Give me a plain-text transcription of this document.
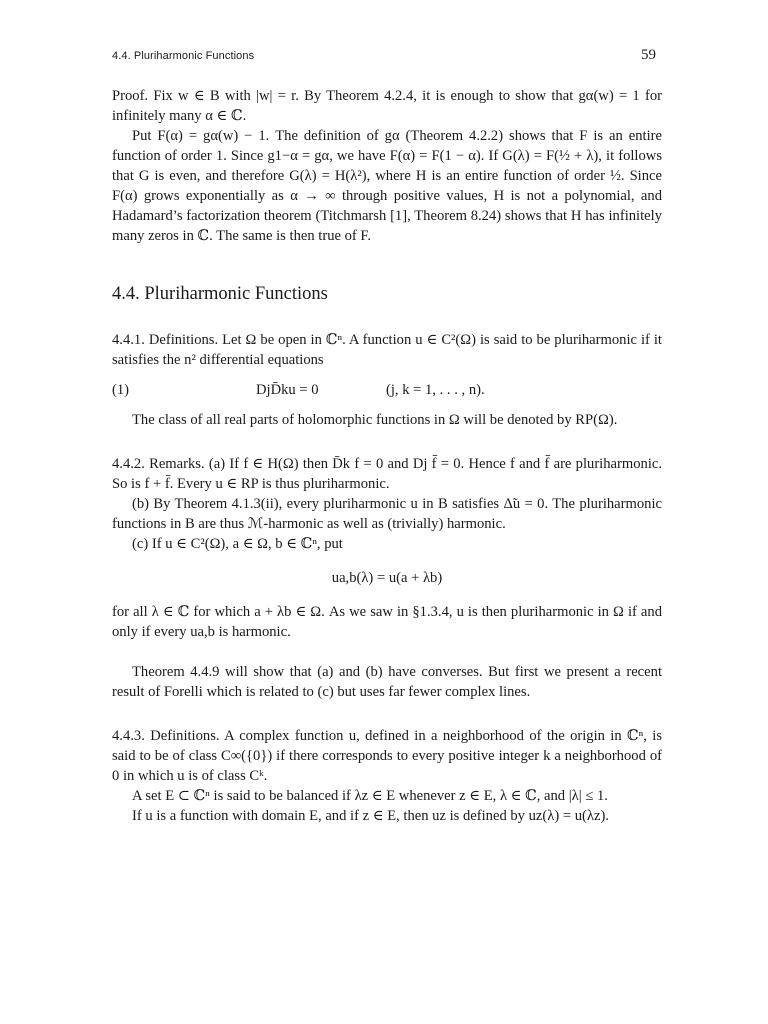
4.4. Pluriharmonic Functions	59

Proof. Fix w ∈ B with |w| = r. By Theorem 4.2.4, it is enough to show that gα(w) = 1 for infinitely many α ∈ ℂ.

Put F(α) = gα(w) − 1. The definition of gα (Theorem 4.2.2) shows that F is an entire function of order 1. Since g1−α = gα, we have F(α) = F(1 − α). If G(λ) = F(½ + λ), it follows that G is even, and therefore G(λ) = H(λ²), where H is an entire function of order ½. Since F(α) grows exponentially as α → ∞ through positive values, H is not a polynomial, and Hadamard’s factorization theorem (Titchmarsh [1], Theorem 8.24) shows that H has infinitely many zeros in ℂ. The same is then true of F.

4.4. Pluriharmonic Functions

4.4.1. Definitions. Let Ω be open in ℂⁿ. A function u ∈ C²(Ω) is said to be pluriharmonic if it satisfies the n² differential equations

(1)	DjD̄ku = 0	(j, k = 1, . . . , n).

The class of all real parts of holomorphic functions in Ω will be denoted by RP(Ω).

4.4.2. Remarks. (a) If f ∈ H(Ω) then D̄k f = 0 and Dj f̄ = 0. Hence f and f̄ are pluriharmonic. So is f + f̄. Every u ∈ RP is thus pluriharmonic.

(b) By Theorem 4.1.3(ii), every pluriharmonic u in B satisfies Δ̃u = 0. The pluriharmonic functions in B are thus ℳ-harmonic as well as (trivially) harmonic.

(c) If u ∈ C²(Ω), a ∈ Ω, b ∈ ℂⁿ, put

ua,b(λ) = u(a + λb)

for all λ ∈ ℂ for which a + λb ∈ Ω. As we saw in §1.3.4, u is then pluriharmonic in Ω if and only if every ua,b is harmonic.

Theorem 4.4.9 will show that (a) and (b) have converses. But first we present a recent result of Forelli which is related to (c) but uses far fewer complex lines.

4.4.3. Definitions. A complex function u, defined in a neighborhood of the origin in ℂⁿ, is said to be of class C∞({0}) if there corresponds to every positive integer k a neighborhood of 0 in which u is of class Cᵏ.

A set E ⊂ ℂⁿ is said to be balanced if λz ∈ E whenever z ∈ E, λ ∈ ℂ, and |λ| ≤ 1.

If u is a function with domain E, and if z ∈ E, then uz is defined by uz(λ) = u(λz).
